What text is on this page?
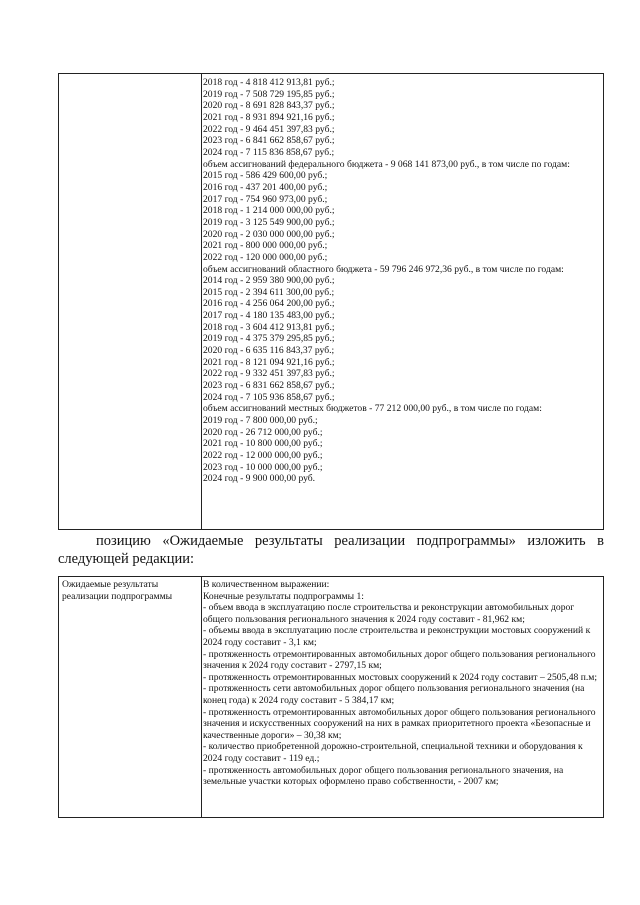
2018 год - 4 818 412 913,81 руб.;
2019 год - 7 508 729 195,85 руб.;
2020 год - 8 691 828 843,37 руб.;
2021 год - 8 931 894 921,16 руб.;
2022 год - 9 464 451 397,83 руб.;
2023 год - 6 841 662 858,67 руб.;
2024 год - 7 115 836 858,67 руб.;
объем ассигнований федерального бюджета - 9 068 141 873,00 руб., в том числе по годам:
2015 год - 586 429 600,00 руб.;
2016 год - 437 201 400,00 руб.;
2017 год - 754 960 973,00 руб.;
2018 год - 1 214 000 000,00 руб.;
2019 год - 3 125 549 900,00 руб.;
2020 год - 2 030 000 000,00 руб.;
2021 год - 800 000 000,00 руб.;
2022 год - 120 000 000,00 руб.;
объем ассигнований областного бюджета - 59 796 246 972,36 руб., в том числе по годам:
2014 год - 2 959 380 900,00 руб.;
2015 год - 2 394 611 300,00 руб.;
2016 год - 4 256 064 200,00 руб.;
2017 год - 4 180 135 483,00 руб.;
2018 год - 3 604 412 913,81 руб.;
2019 год - 4 375 379 295,85 руб.;
2020 год - 6 635 116 843,37 руб.;
2021 год - 8 121 094 921,16 руб.;
2022 год - 9 332 451 397,83 руб.;
2023 год - 6 831 662 858,67 руб.;
2024 год - 7 105 936 858,67 руб.;
объем ассигнований местных бюджетов - 77 212 000,00 руб., в том числе по годам:
2019 год - 7 800 000,00 руб.;
2020 год - 26 712 000,00 руб.;
2021 год - 10 800 000,00 руб.;
2022 год - 12 000 000,00 руб.;
2023 год - 10 000 000,00 руб.;
2024 год - 9 900 000,00 руб.
позицию «Ожидаемые результаты реализации подпрограммы» изложить в следующей редакции:
Ожидаемые результаты реализации подпрограммы
В количественном выражении:
Конечные результаты подпрограммы 1:
- объем ввода в эксплуатацию после строительства и реконструкции автомобильных дорог общего пользования регионального значения к 2024 году составит - 81,962 км;
- объемы ввода в эксплуатацию после строительства и реконструкции мостовых сооружений к 2024 году составит - 3,1 км;
- протяженность отремонтированных автомобильных дорог общего пользования регионального значения к 2024 году составит - 2797,15 км;
- протяженность отремонтированных мостовых сооружений к 2024 году составит – 2505,48 п.м;
- протяженность сети автомобильных дорог общего пользования регионального значения (на конец года) к 2024 году составит - 5 384,17 км;
- протяженность отремонтированных автомобильных дорог общего пользования регионального значения и искусственных сооружений на них в рамках приоритетного проекта «Безопасные и качественные дороги» – 30,38 км;
- количество приобретенной дорожно-строительной, специальной техники и оборудования к 2024 году составит - 119 ед.;
- протяженность автомобильных дорог общего пользования регионального значения, на земельные участки которых оформлено право собственности, - 2007 км;
